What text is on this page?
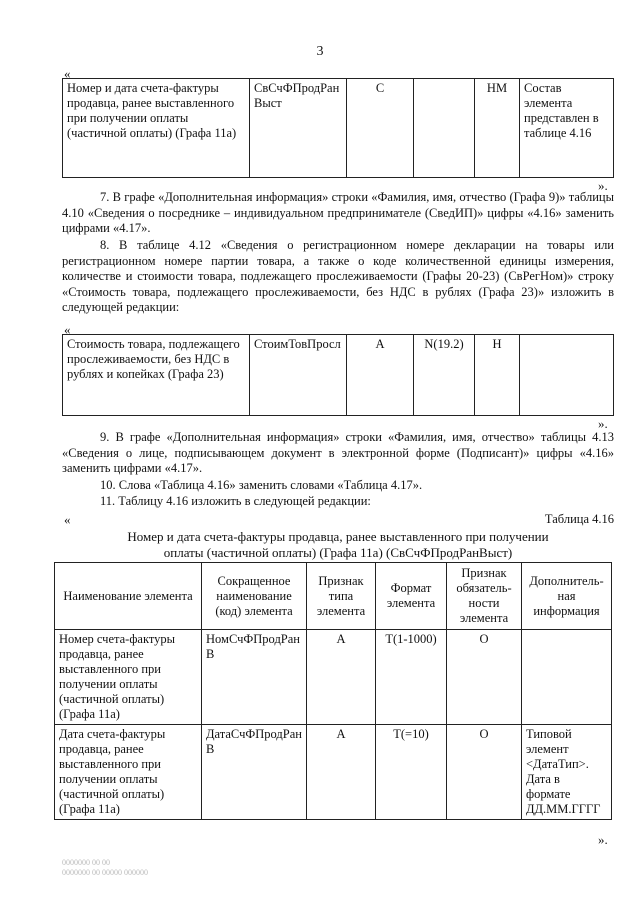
3
«
Номер и дата счета-фактуры продавца, ранее выставленного при получении оплаты (частичной оплаты) (Графа 11а)	СвСчФПродРанВыст	С		НМ	Состав элемента представлен в таблице 4.16
».
7. В графе «Дополнительная информация» строки «Фамилия, имя, отчество (Графа 9)» таблицы 4.10 «Сведения о посреднике – индивидуальном предпринимателе (СведИП)» цифры «4.16» заменить цифрами «4.17».
8. В таблице 4.12 «Сведения о регистрационном номере декларации на товары или регистрационном номере партии товара, а также о коде количественной единицы измерения, количестве и стоимости товара, подлежащего прослеживаемости (Графы 20-23) (СвРегНом)» строку «Стоимость товара, подлежащего прослеживаемости, без НДС в рублях (Графа 23)» изложить в следующей редакции:
«
Стоимость товара, подлежащего прослеживаемости, без НДС в рублях и копейках (Графа 23)	СтоимТовПросл	А	N(19.2)	Н	
».
9. В графе «Дополнительная информация» строки «Фамилия, имя, отчество» таблицы 4.13 «Сведения о лице, подписывающем документ в электронной форме (Подписант)» цифры «4.16» заменить цифрами «4.17».
10. Слова «Таблица 4.16» заменить словами «Таблица 4.17».
11. Таблицу 4.16 изложить в следующей редакции:
«	Таблица 4.16
Номер и дата счета-фактуры продавца, ранее выставленного при получении
оплаты (частичной оплаты) (Графа 11а) (СвСчФПродРанВыст)
Наименование элемента	Сокращенное наименование (код) элемента	Признак типа элемента	Формат элемента	Признак обязатель-ности элемента	Дополнитель-ная информация
Номер счета-фактуры продавца, ранее выставленного при получении оплаты (частичной оплаты) (Графа 11а)	НомСчФПродРанВ	А	Т(1-1000)	О	
Дата счета-фактуры продавца, ранее выставленного при получении оплаты (частичной оплаты) (Графа 11а)	ДатаСчФПродРанВ	А	Т(=10)	О	Типовой элемент <ДатаТип>. Дата в формате ДД.ММ.ГГГГ
».
0000000 00 00
0000000 00 00000 000000
